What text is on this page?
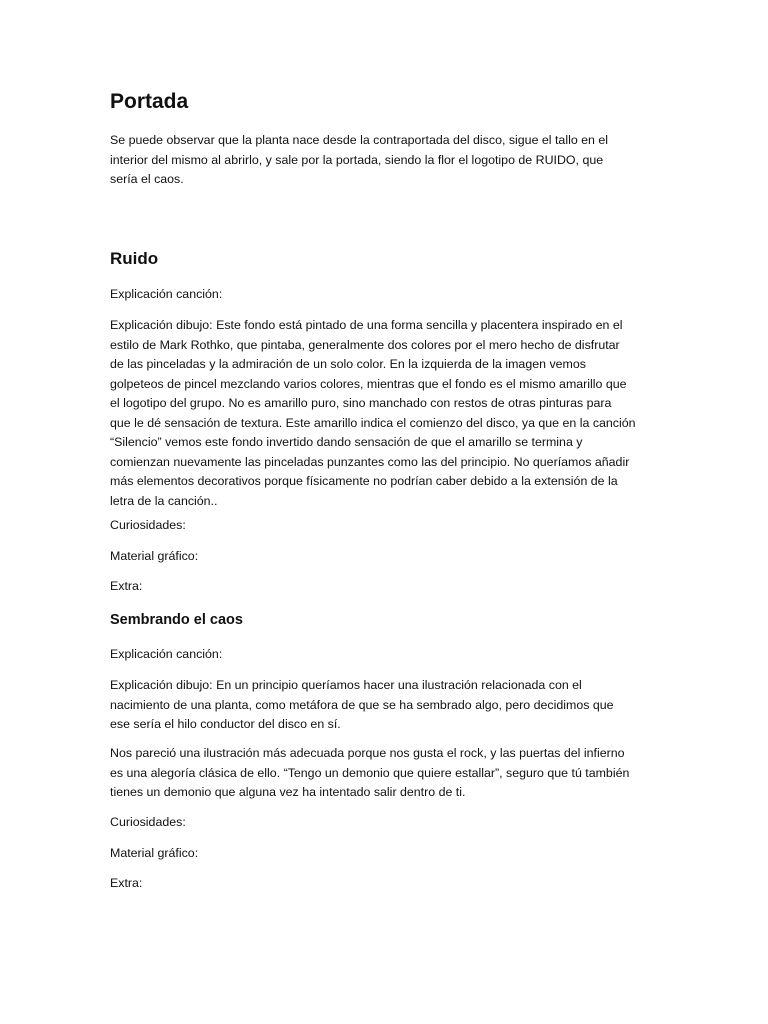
Portada

Se puede observar que la planta nace desde la contraportada del disco, sigue el tallo en el
interior del mismo al abrirlo, y sale por la portada, siendo la flor el logotipo de RUIDO, que
sería el caos.

Ruido

Explicación canción:

Explicación dibujo: Este fondo está pintado de una forma sencilla y placentera inspirado en el
estilo de Mark Rothko, que pintaba, generalmente dos colores por el mero hecho de disfrutar
de las pinceladas y la admiración de un solo color. En la izquierda de la imagen vemos
golpeteos de pincel mezclando varios colores, mientras que el fondo es el mismo amarillo que
el logotipo del grupo. No es amarillo puro, sino manchado con restos de otras pinturas para
que le dé sensación de textura. Este amarillo indica el comienzo del disco, ya que en la canción
“Silencio” vemos este fondo invertido dando sensación de que el amarillo se termina y
comienzan nuevamente las pinceladas punzantes como las del principio. No queríamos añadir
más elementos decorativos porque físicamente no podrían caber debido a la extensión de la
letra de la canción..

Curiosidades:

Material gráfico:

Extra:

Sembrando el caos

Explicación canción:

Explicación dibujo: En un principio queríamos hacer una ilustración relacionada con el
nacimiento de una planta, como metáfora de que se ha sembrado algo, pero decidimos que
ese sería el hilo conductor del disco en sí.

Nos pareció una ilustración más adecuada porque nos gusta el rock, y las puertas del infierno
es una alegoría clásica de ello. “Tengo un demonio que quiere estallar”, seguro que tú también
tienes un demonio que alguna vez ha intentado salir dentro de ti.

Curiosidades:

Material gráfico:

Extra:
